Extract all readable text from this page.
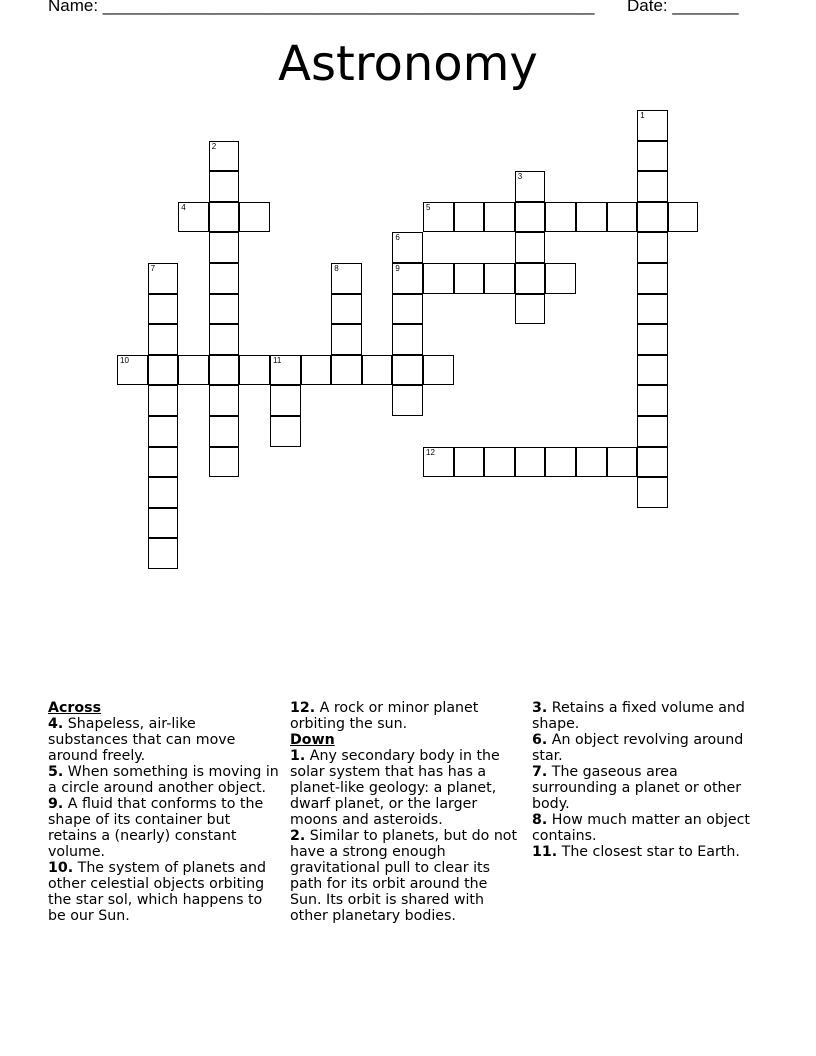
Name: ____________________________________________________ Date: _______
Astronomy
1
2
3
4	5
6
9
7	8
10	11
12
Across

4. Shapeless, air-like substances that can move around freely.

5. When something is moving in a circle around another object.

9. A fluid that conforms to the shape of its container but retains a (nearly) constant volume.

10. The system of planets and other celestial objects orbiting the star sol, which happens to be our Sun.

12. A rock or minor planet orbiting the sun.

Down

1. Any secondary body in the solar system that has has a planet-like geology: a planet, dwarf planet, or the larger moons and asteroids.

2. Similar to planets, but do not have a strong enough gravitational pull to clear its path for its orbit around the Sun. Its orbit is shared with other planetary bodies.

3. Retains a fixed volume and shape.

6. An object revolving around star.

7. The gaseous area surrounding a planet or other body.

8. How much matter an object contains.

11. The closest star to Earth.
